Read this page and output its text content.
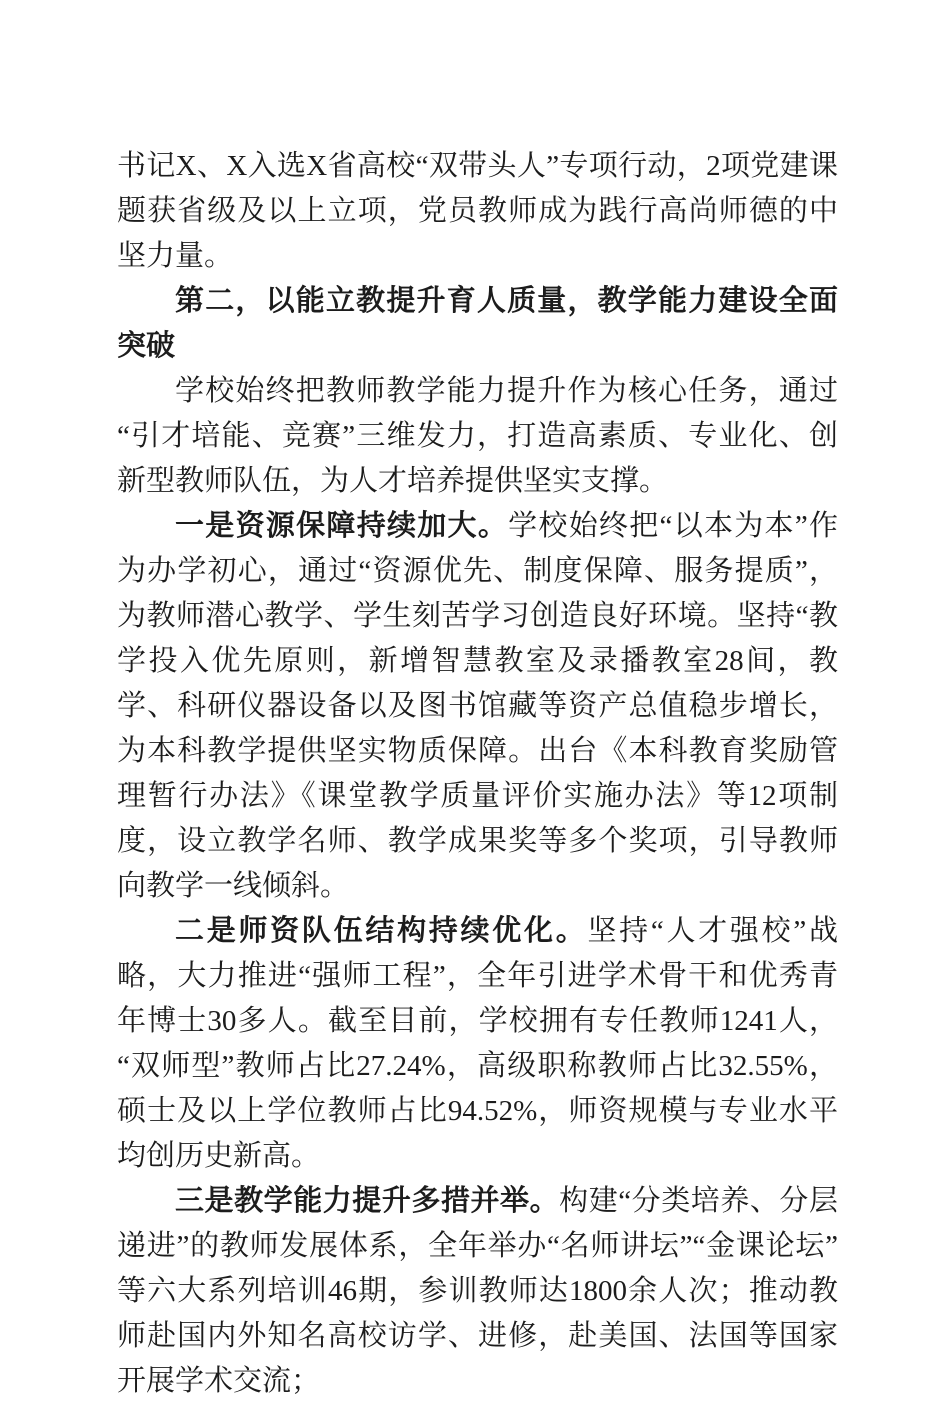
书记X、X入选X省高校“双带头人”专项行动，2项党建课题获省级及以上立项，党员教师成为践行高尚师德的中坚力量。

第二，以能立教提升育人质量，教学能力建设全面突破

学校始终把教师教学能力提升作为核心任务，通过“引才培能、竞赛”三维发力，打造高素质、专业化、创新型教师队伍，为人才培养提供坚实支撑。

一是资源保障持续加大。学校始终把“以本为本”作为办学初心，通过“资源优先、制度保障、服务提质”，为教师潜心教学、学生刻苦学习创造良好环境。坚持“教学投入优先原则，新增智慧教室及录播教室28间，教学、科研仪器设备以及图书馆藏等资产总值稳步增长，为本科教学提供坚实物质保障。出台《本科教育奖励管理暂行办法》《课堂教学质量评价实施办法》等12项制度，设立教学名师、教学成果奖等多个奖项，引导教师向教学一线倾斜。

二是师资队伍结构持续优化。坚持“人才强校”战略，大力推进“强师工程”，全年引进学术骨干和优秀青年博士30多人。截至目前，学校拥有专任教师1241人，“双师型”教师占比27.24%，高级职称教师占比32.55%，硕士及以上学位教师占比94.52%，师资规模与专业水平均创历史新高。

三是教学能力提升多措并举。构建“分类培养、分层递进”的教师发展体系，全年举办“名师讲坛”“金课论坛”等六大系列培训46期，参训教师达1800余人次；推动教师赴国内外知名高校访学、进修，赴美国、法国等国家开展学术交流；
